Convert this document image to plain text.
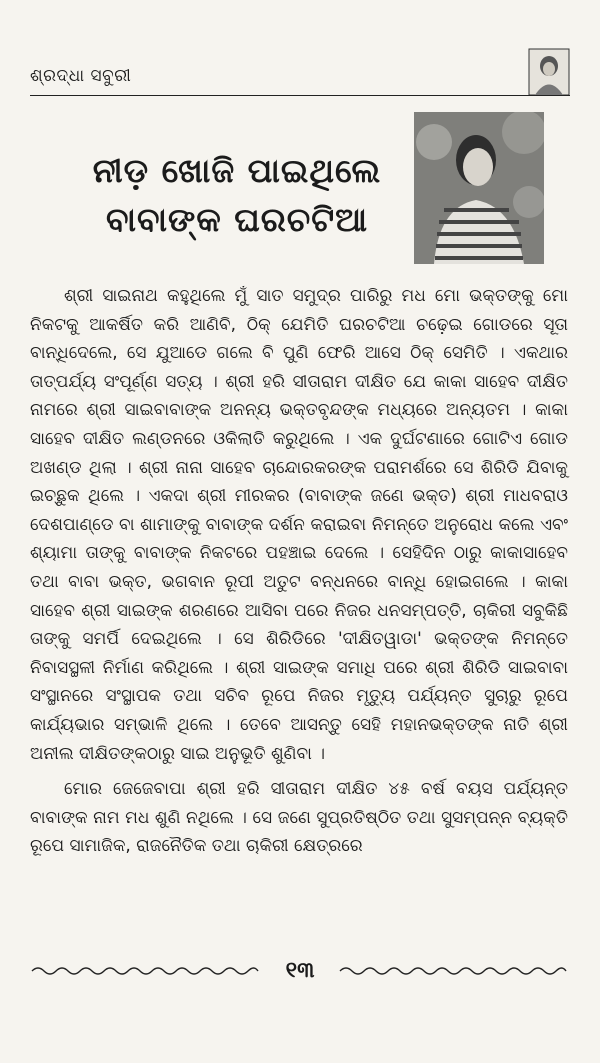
ଶ୍ରଦ୍ଧା ସବୁରୀ
ନୀଡ଼ ଖୋଜି ପାଇଥିଲେ
ବାବାଙ୍କ ଘରଚଟିଆ

ଶ୍ରୀ ସାଇନାଥ କହୁଥିଲେ ମୁଁ ସାତ ସମୁଦ୍ର ପାରିରୁ ମଧ ମୋ ଭକ୍ତଙ୍କୁ ମୋ ନିକଟକୁ ଆକର୍ଷିତ କରି ଆଣିବି, ଠିକ୍ ଯେମିତି ଘରଚଟିଆ ଚଢ଼େଇ ଗୋଡରେ ସୂତା ବାନ୍ଧିଦେଲେ, ସେ ଯୁଆଡେ ଗଲେ ବି ପୁଣି ଫେରି ଆସେ ଠିକ୍ ସେମିତି । ଏକଥାର ତାତ୍ପର୍ଯ୍ୟ ସଂପୂର୍ଣ୍ଣ ସତ୍ୟ । ଶ୍ରୀ ହରି ସୀତାରାମ ଦୀକ୍ଷିତ ଯେ କାକା ସାହେବ ଦୀକ୍ଷିତ ନାମରେ ଶ୍ରୀ ସାଇବାବାଙ୍କ ଅନନ୍ୟ ଭକ୍ତବୃନ୍ଦଙ୍କ ମଧ୍ୟରେ ଅନ୍ୟତମ । କାକା ସାହେବ ଦୀକ୍ଷିତ ଲଣ୍ଡନରେ ଓକିଲାତି କରୁଥିଲେ । ଏକ ଦୁର୍ଘଟଣାରେ ଗୋଟିଏ ଗୋଡ ଅଖଣ୍ଡ ଥିଲା । ଶ୍ରୀ ନାନା ସାହେବ ଚାନ୍ଦୋରକରଙ୍କ ପରାମର୍ଶରେ ସେ ଶିରିଡି ଯିବାକୁ ଇଚ୍ଛୁକ ଥିଲେ । ଏକଦା ଶ୍ରୀ ମୀରକର (ବାବାଙ୍କ ଜଣେ ଭକ୍ତ) ଶ୍ରୀ ମାଧବରାଓ ଦେଶପାଣ୍ଡେ ବା ଶାମାଙ୍କୁ ବାବାଙ୍କ ଦର୍ଶନ କରାଇବା ନିମନ୍ତେ ଅନୁରୋଧ କଲେ ଏବଂ ଶ୍ୟାମା ତାଙ୍କୁ ବାବାଙ୍କ ନିକଟରେ ପହଞ୍ଚାଇ ଦେଲେ । ସେହିଦିନ ଠାରୁ କାକାସାହେବ ତଥା ବାବା ଭକ୍ତ, ଭଗବାନ ରୂପୀ ଅତୁଟ ବନ୍ଧନରେ ବାନ୍ଧି ହୋଇଗଲେ । କାକା ସାହେବ ଶ୍ରୀ ସାଇଙ୍କ ଶରଣରେ ଆସିବା ପରେ ନିଜର ଧନସମ୍ପତ୍ତି, ଚାକିରୀ ସବୁକିଛି ତାଙ୍କୁ ସମର୍ପି ଦେଇଥିଲେ । ସେ ଶିରିଡିରେ 'ଦୀକ୍ଷିତୱାଡା' ଭକ୍ତଙ୍କ ନିମନ୍ତେ ନିବାସସ୍ଥଳୀ ନିର୍ମାଣ କରିଥିଲେ । ଶ୍ରୀ ସାଇଙ୍କ ସମାଧି ପରେ ଶ୍ରୀ ଶିରିଡି ସାଇବାବା ସଂସ୍ଥାନରେ ସଂସ୍ଥାପକ ତଥା ସଚିବ ରୂପେ ନିଜର ମୃତ୍ୟୁ ପର୍ଯ୍ୟନ୍ତ ସୁଚାରୁ ରୂପେ କାର୍ଯ୍ୟଭାର ସମ୍ଭାଳି ଥିଲେ । ତେବେ ଆସନ୍ତୁ ସେହି ମହାନଭକ୍ତଙ୍କ ନାତି ଶ୍ରୀ ଅନୀଲ ଦୀକ୍ଷିତଙ୍କଠାରୁ ସାଇ ଅନୁଭୂତି ଶୁଣିବା ।

ମୋର ଜେଜେବାପା ଶ୍ରୀ ହରି ସୀତାରାମ ଦୀକ୍ଷିତ ୪୫ ବର୍ଷ ବୟସ ପର୍ଯ୍ୟନ୍ତ ବାବାଙ୍କ ନାମ ମଧ ଶୁଣି ନଥିଲେ । ସେ ଜଣେ ସୁପ୍ରତିଷ୍ଠିତ ତଥା ସୁସମ୍ପନ୍ନ ବ୍ୟକ୍ତି ରୂପେ ସାମାଜିକ, ରାଜନୈତିକ ତଥା ଚାକିରୀ କ୍ଷେତ୍ରରେ

୧୩
